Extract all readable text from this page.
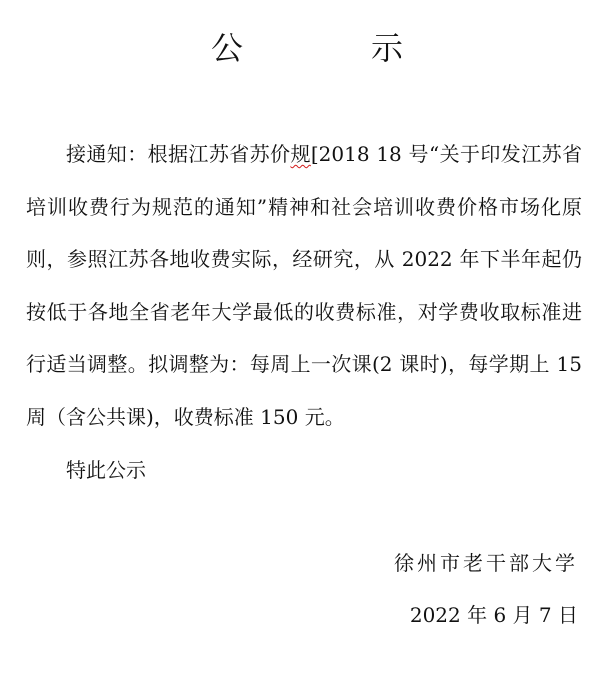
公　示

接通知：根据江苏省苏价规[2018 18 号“关于印发江苏省培训收费行为规范的通知”精神和社会培训收费价格市场化原则，参照江苏各地收费实际，经研究，从 2022 年下半年起仍按低于各地全省老年大学最低的收费标准，对学费收取标准进行适当调整。拟调整为：每周上一次课(2 课时)，每学期上 15 周（含公共课)，收费标准 150 元。

特此公示

徐州市老干部大学
2022 年 6 月 7 日
